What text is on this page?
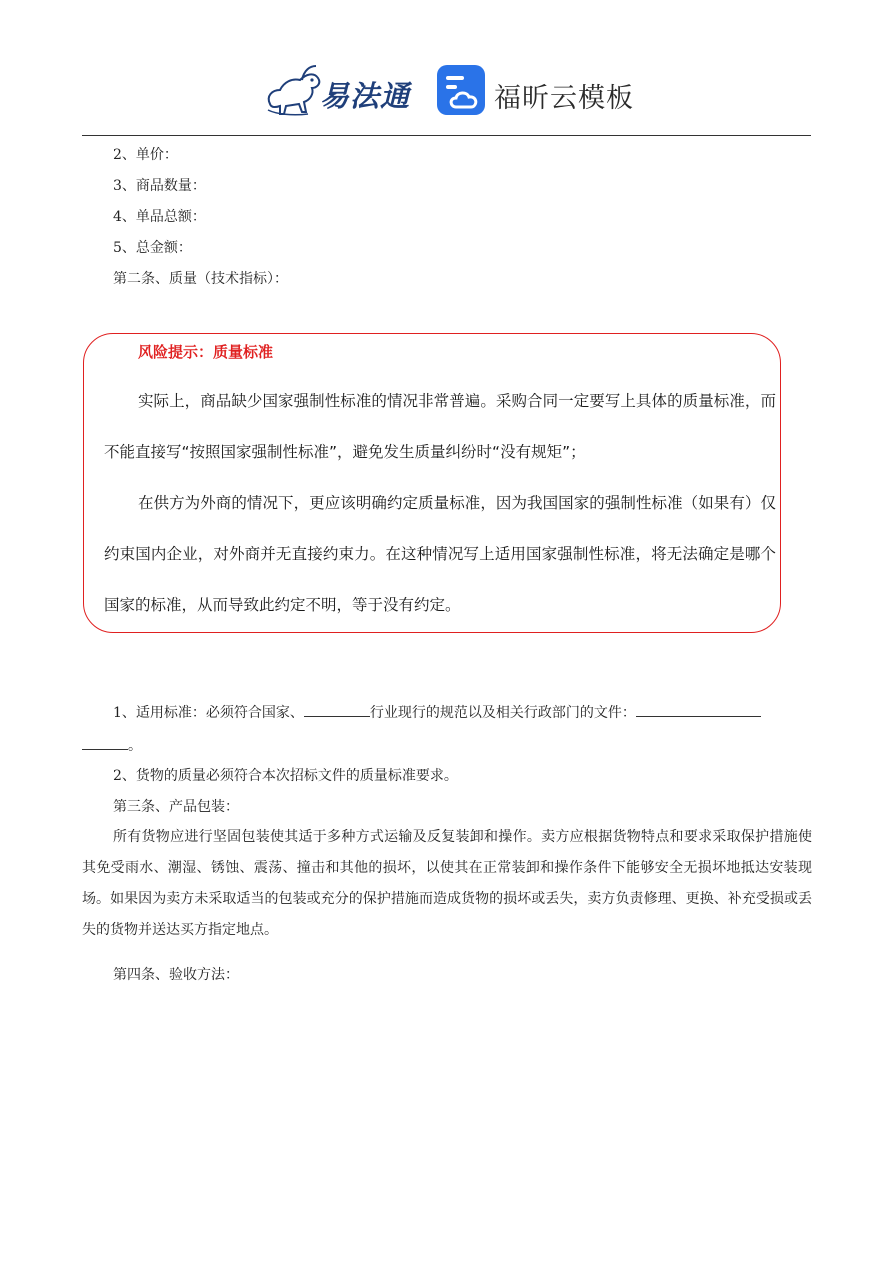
易法通	福昕云模板
2、单价：
3、商品数量：
4、单品总额：
5、总金额：
第二条、质量（技术指标）：
风险提示：质量标准
实际上，商品缺少国家强制性标准的情况非常普遍。采购合同一定要写上具体的质量标准，而不能直接写“按照国家强制性标准”，避免发生质量纠纷时“没有规矩”；
在供方为外商的情况下，更应该明确约定质量标准，因为我国国家的强制性标准（如果有）仅约束国内企业，对外商并无直接约束力。在这种情况写上适用国家强制性标准，将无法确定是哪个国家的标准，从而导致此约定不明，等于没有约定。
1、适用标准：必须符合国家、	行业现行的规范以及相关行政部门的文件：
。
2、货物的质量必须符合本次招标文件的质量标准要求。
第三条、产品包装：
所有货物应进行坚固包装使其适于多种方式运输及反复装卸和操作。卖方应根据货物特点和要求采取保护措施使其免受雨水、潮湿、锈蚀、震荡、撞击和其他的损坏，以使其在正常装卸和操作条件下能够安全无损坏地抵达安装现场。如果因为卖方未采取适当的包装或充分的保护措施而造成货物的损坏或丢失，卖方负责修理、更换、补充受损或丢失的货物并送达买方指定地点。
第四条、验收方法：
